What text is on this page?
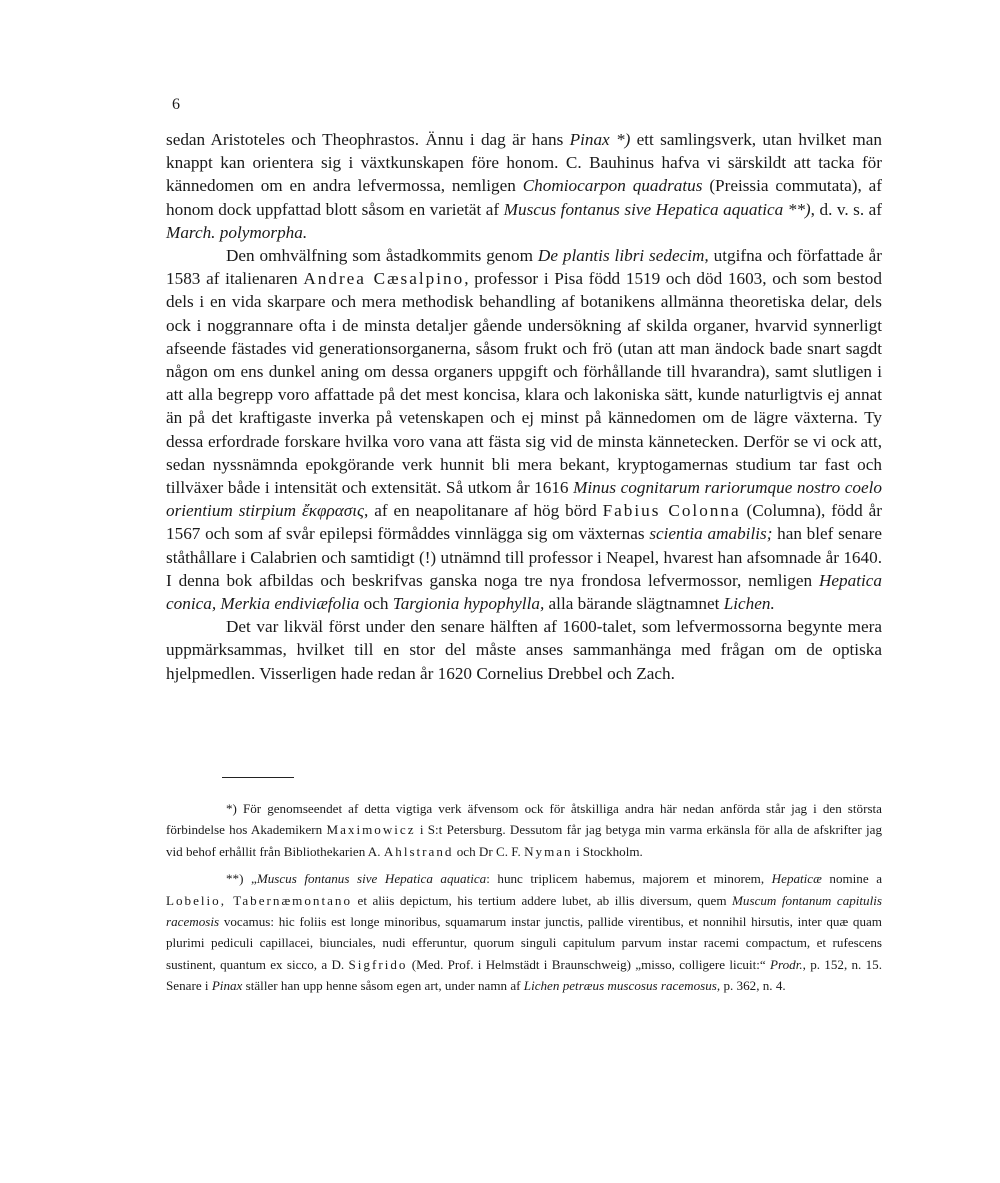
6

sedan Aristoteles och Theophrastos. Ännu i dag är hans Pinax *) ett samlingsverk, utan hvilket man knappt kan orientera sig i växtkunskapen före honom. C. Bauhinus hafva vi särskildt att tacka för kännedomen om en andra lefvermossa, nemligen Chomiocarpon quadratus (Preissia commutata), af honom dock uppfattad blott såsom en varietät af Muscus fontanus sive Hepatica aquatica **), d. v. s. af March. polymorpha.

Den omhvälfning som åstadkommits genom De plantis libri sedecim, utgifna och författade år 1583 af italienaren Andrea Cæsalpino, professor i Pisa född 1519 och död 1603, och som bestod dels i en vida skarpare och mera methodisk behandling af botanikens allmänna theoretiska delar, dels ock i noggrannare ofta i de minsta detaljer gående undersökning af skilda organer, hvarvid synnerligt afseende fästades vid generationsorganerna, såsom frukt och frö (utan att man ändock bade snart sagdt någon om ens dunkel aning om dessa organers uppgift och förhållande till hvarandra), samt slutligen i att alla begrepp voro affattade på det mest koncisa, klara och lakoniska sätt, kunde naturligtvis ej annat än på det kraftigaste inverka på vetenskapen och ej minst på kännedomen om de lägre växterna. Ty dessa erfordrade forskare hvilka voro vana att fästa sig vid de minsta kännetecken. Derför se vi ock att, sedan nyssnämnda epokgörande verk hunnit bli mera bekant, kryptogamernas studium tar fast och tillväxer både i intensität och extensität. Så utkom år 1616 Minus cognitarum rariorumque nostro coelo orientium stirpium ἔκφρασις, af en neapolitanare af hög börd Fabius Colonna (Columna), född år 1567 och som af svår epilepsi förmåddes vinnlägga sig om växternas scientia amabilis; han blef senare ståthållare i Calabrien och samtidigt (!) utnämnd till professor i Neapel, hvarest han afsomnade år 1640. I denna bok afbildas och beskrifvas ganska noga tre nya frondosa lefvermossor, nemligen Hepatica conica, Merkia endiviæfolia och Targionia hypophylla, alla bärande slägtnamnet Lichen.

Det var likväl först under den senare hälften af 1600-talet, som lefvermossorna begynte mera uppmärksammas, hvilket till en stor del måste anses sammanhänga med frågan om de optiska hjelpmedlen. Visserligen hade redan år 1620 Cornelius Drebbel och Zach.

*) För genomseendet af detta vigtiga verk äfvensom ock för åtskilliga andra här nedan anförda står jag i den största förbindelse hos Akademikern Maximowicz i S:t Petersburg. Dessutom får jag betyga min varma erkänsla för alla de afskrifter jag vid behof erhållit från Bibliothekarien A. Ahlstrand och Dr C. F. Nyman i Stockholm.

**) „Muscus fontanus sive Hepatica aquatica: hunc triplicem habemus, majorem et minorem, Hepaticæ nomine a Lobelio, Tabernæmontano et aliis depictum, his tertium addere lubet, ab illis diversum, quem Muscum fontanum capitulis racemosis vocamus: hic foliis est longe minoribus, squamarum instar junctis, pallide virentibus, et nonnihil hirsutis, inter quæ quam plurimi pediculi capillacei, biunciales, nudi efferuntur, quorum singuli capitulum parvum instar racemi compactum, et rufescens sustinent, quantum ex sicco, a D. Sigfrido (Med. Prof. i Helmstädt i Braunschweig) „misso, colligere licuit:“ Prodr., p. 152, n. 15. Senare i Pinax ställer han upp henne såsom egen art, under namn af Lichen petræus muscosus racemosus, p. 362, n. 4.
